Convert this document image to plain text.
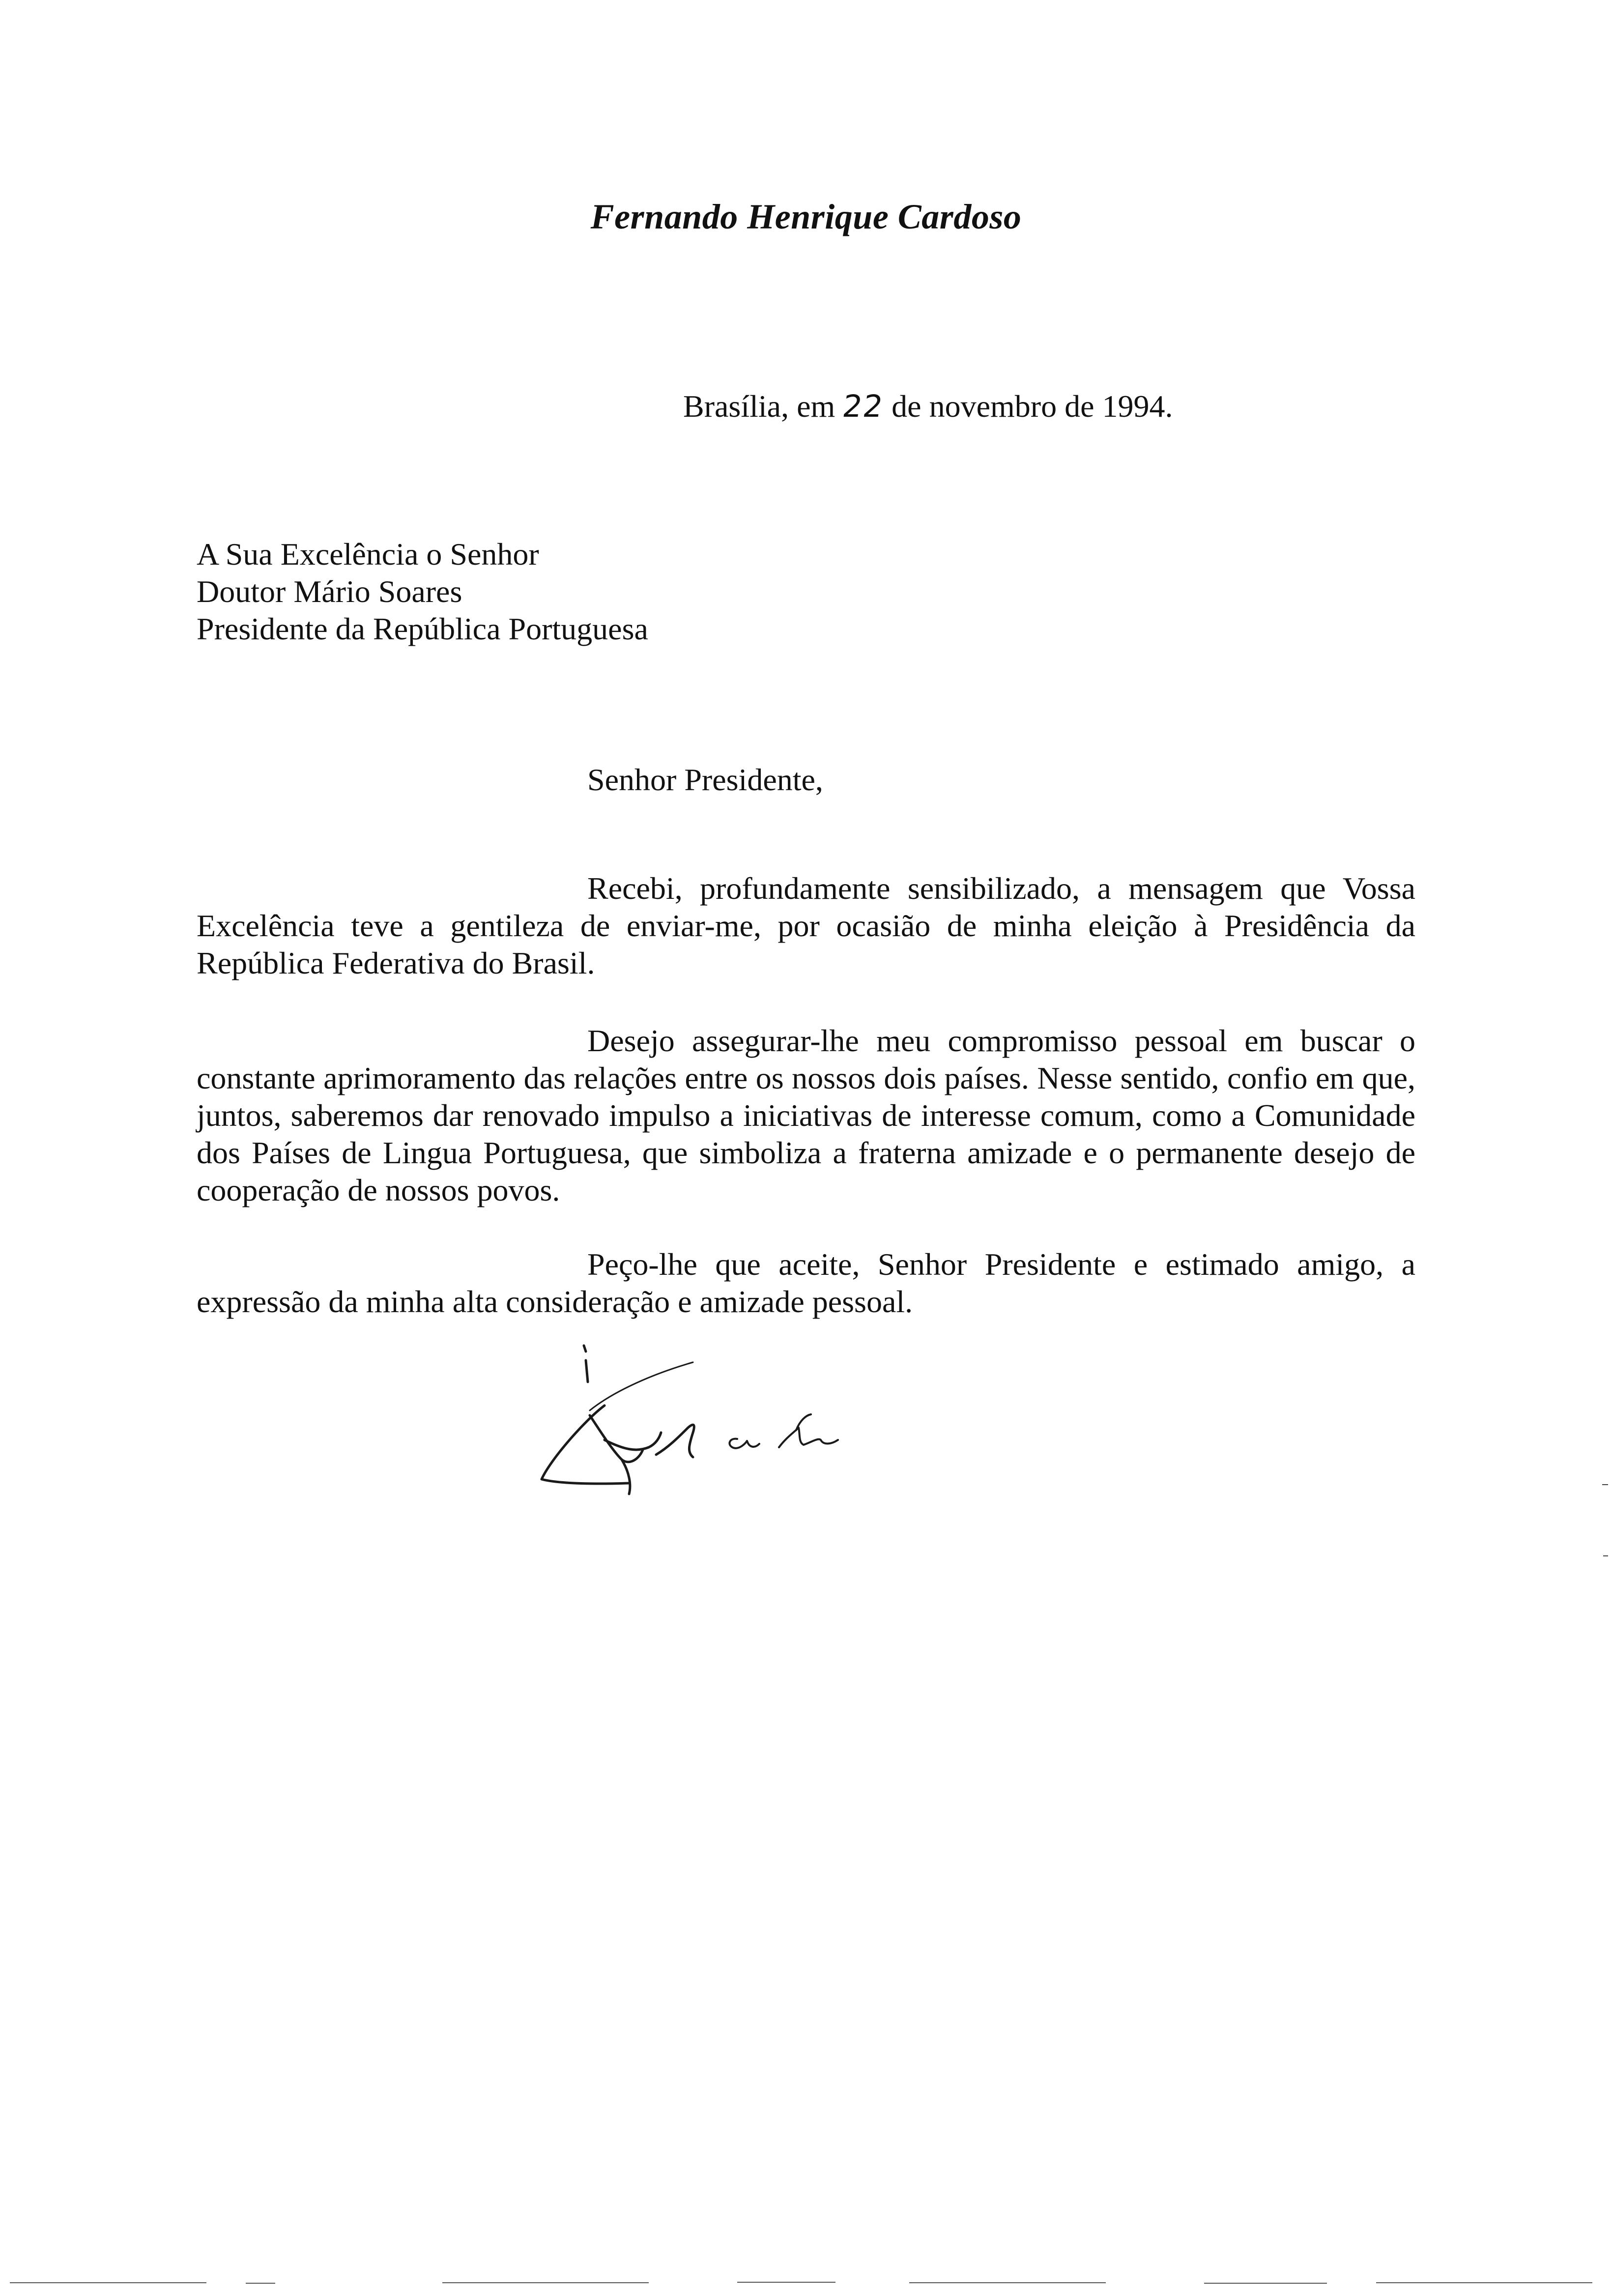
Fernando Henrique Cardoso
Brasília, em 22 de novembro de 1994.
A Sua Excelência o Senhor
Doutor Mário Soares
Presidente da República Portuguesa
Senhor Presidente,
Recebi, profundamente sensibilizado, a mensagem que Vossa Excelência teve a gentileza de enviar-me, por ocasião de minha eleição à Presidência da República Federativa do Brasil.
Desejo assegurar-lhe meu compromisso pessoal em buscar o constante aprimoramento das relações entre os nossos dois países. Nesse sentido, confio em que, juntos, saberemos dar renovado impulso a iniciativas de interesse comum, como a Comunidade dos Países de Lingua Portuguesa, que simboliza a fraterna amizade e o permanente desejo de cooperação de nossos povos.
Peço-lhe que aceite, Senhor Presidente e estimado amigo, a expressão da minha alta consideração e amizade pessoal.
